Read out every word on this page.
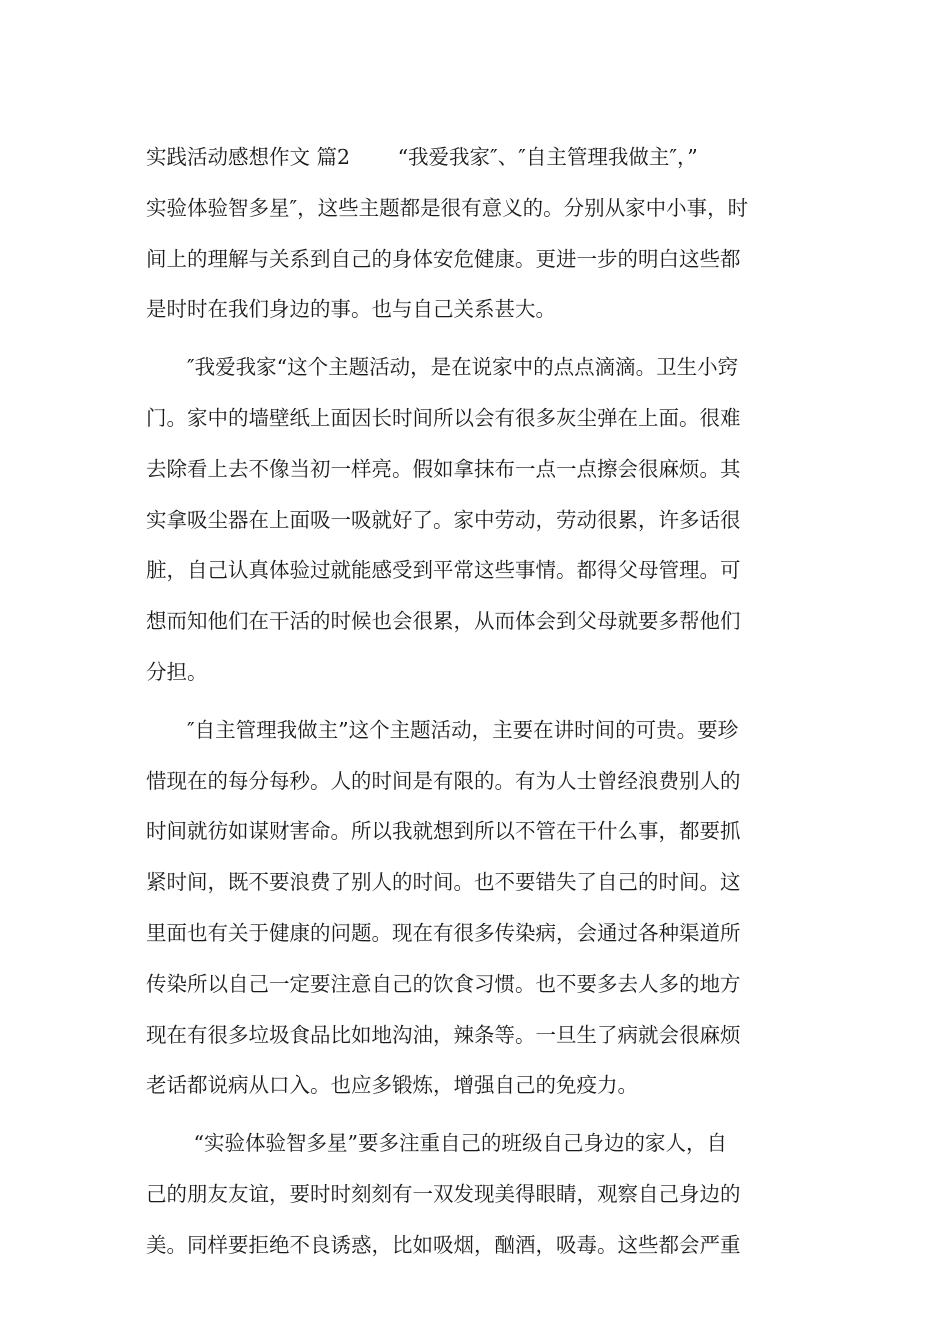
实践活动感想作文 篇2　　 “我爱我家″、″自主管理我做主″，”
实验体验智多星″，这些主题都是很有意义的。分别从家中小事，时
间上的理解与关系到自己的身体安危健康。更进一步的明白这些都
是时时在我们身边的事。也与自己关系甚大。
　　″我爱我家“这个主题活动，是在说家中的点点滴滴。卫生小窍
门。家中的墙壁纸上面因长时间所以会有很多灰尘弹在上面。很难
去除看上去不像当初一样亮。假如拿抹布一点一点擦会很麻烦。其
实拿吸尘器在上面吸一吸就好了。家中劳动，劳动很累，许多话很
脏，自己认真体验过就能感受到平常这些事情。都得父母管理。可
想而知他们在干活的时候也会很累，从而体会到父母就要多帮他们
分担。
　　″自主管理我做主”这个主题活动，主要在讲时间的可贵。要珍
惜现在的每分每秒。人的时间是有限的。有为人士曾经浪费别人的
时间就彷如谋财害命。所以我就想到所以不管在干什么事，都要抓
紧时间，既不要浪费了别人的时间。也不要错失了自己的时间。这
里面也有关于健康的问题。现在有很多传染病，会通过各种渠道所
传染所以自己一定要注意自己的饮食习惯。也不要多去人多的地方
现在有很多垃圾食品比如地沟油，辣条等。一旦生了病就会很麻烦
老话都说病从口入。也应多锻炼，增强自己的免疫力。
　　 “实验体验智多星”要多注重自己的班级自己身边的家人，自
己的朋友友谊，要时时刻刻有一双发现美得眼睛，观察自己身边的
美。同样要拒绝不良诱惑，比如吸烟，酗酒，吸毒。这些都会严重
